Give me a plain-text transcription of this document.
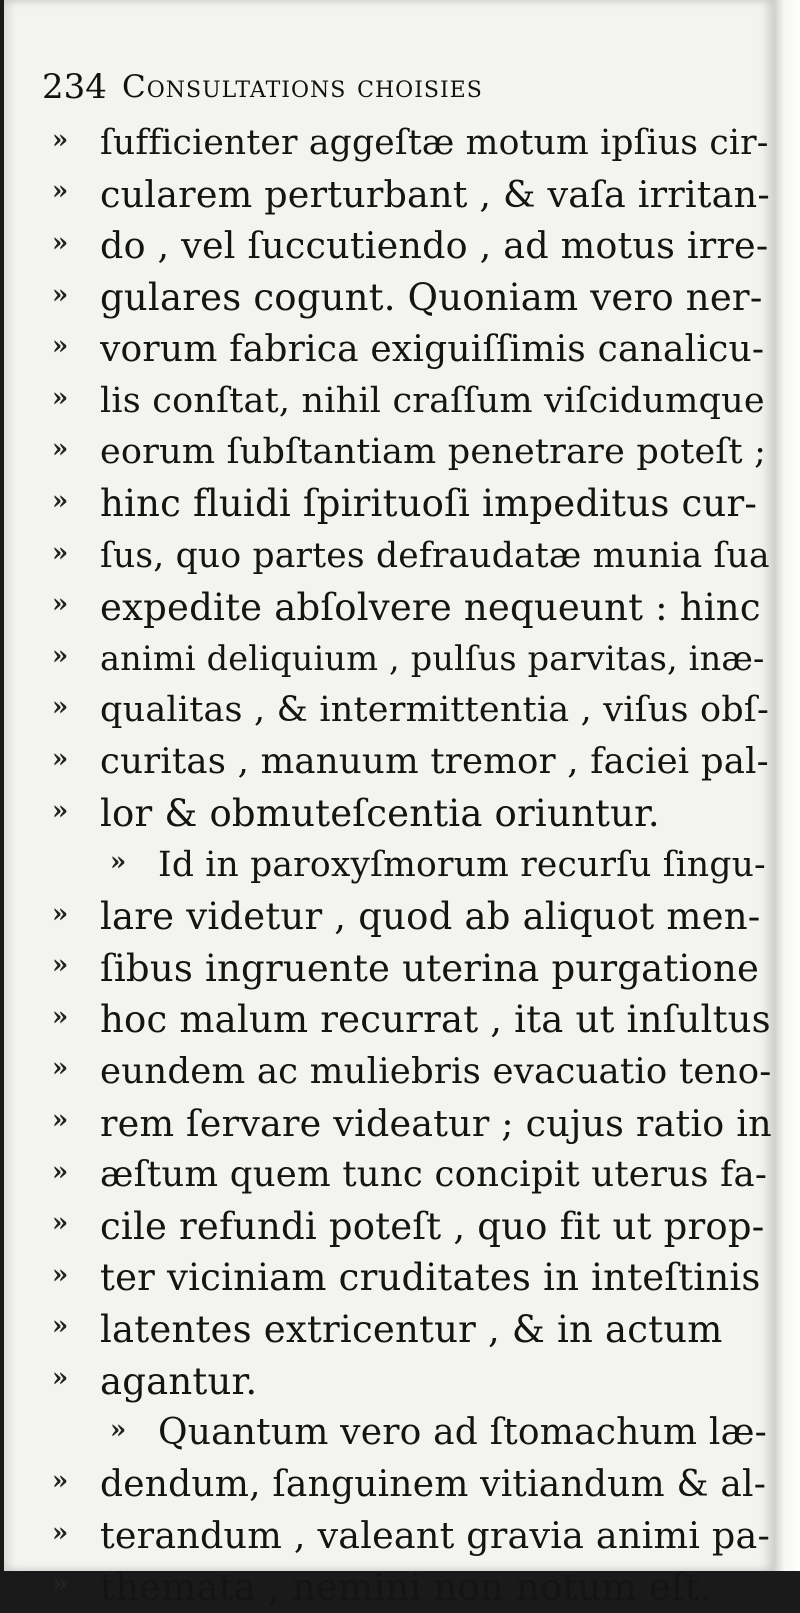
234 Consultations choisies
» ſufficienter aggeſtæ motum ipſius cir-
» cularem perturbant , & vaſa irritan-
» do , vel ſuccutiendo , ad motus irre-
» gulares cogunt. Quoniam vero ner-
» vorum fabrica exiguiſſimis canalicu-
» lis conſtat, nihil craſſum viſcidumque
» eorum ſubſtantiam penetrare poteſt ;
» hinc fluidi ſpirituoſi impeditus cur-
» ſus, quo partes defraudatæ munia ſua
» expedite abſolvere nequeunt : hinc
»	animi deliquium , pulſus parvitas, inæ-
» qualitas , & intermittentia , viſus obſ-
» curitas , manuum tremor , faciei pal-
» lor & obmuteſcentia oriuntur.
» Id in paroxyſmorum recurſu ſingu-
» lare videtur , quod ab aliquot men-
» ſibus ingruente uterina purgatione
» hoc malum recurrat , ita ut inſultus
» eundem ac muliebris evacuatio teno-
» rem ſervare videatur ; cujus ratio in
» æſtum quem tunc concipit uterus fa-
» cile refundi poteſt , quo fit ut prop-
» ter viciniam cruditates in inteſtinis
» latentes extricentur , & in actum
» agantur.
» Quantum vero ad ſtomachum læ-
» dendum, ſanguinem vitiandum & al-
» terandum , valeant gravia animi pa-
» themata , nemini non notum eſt.
